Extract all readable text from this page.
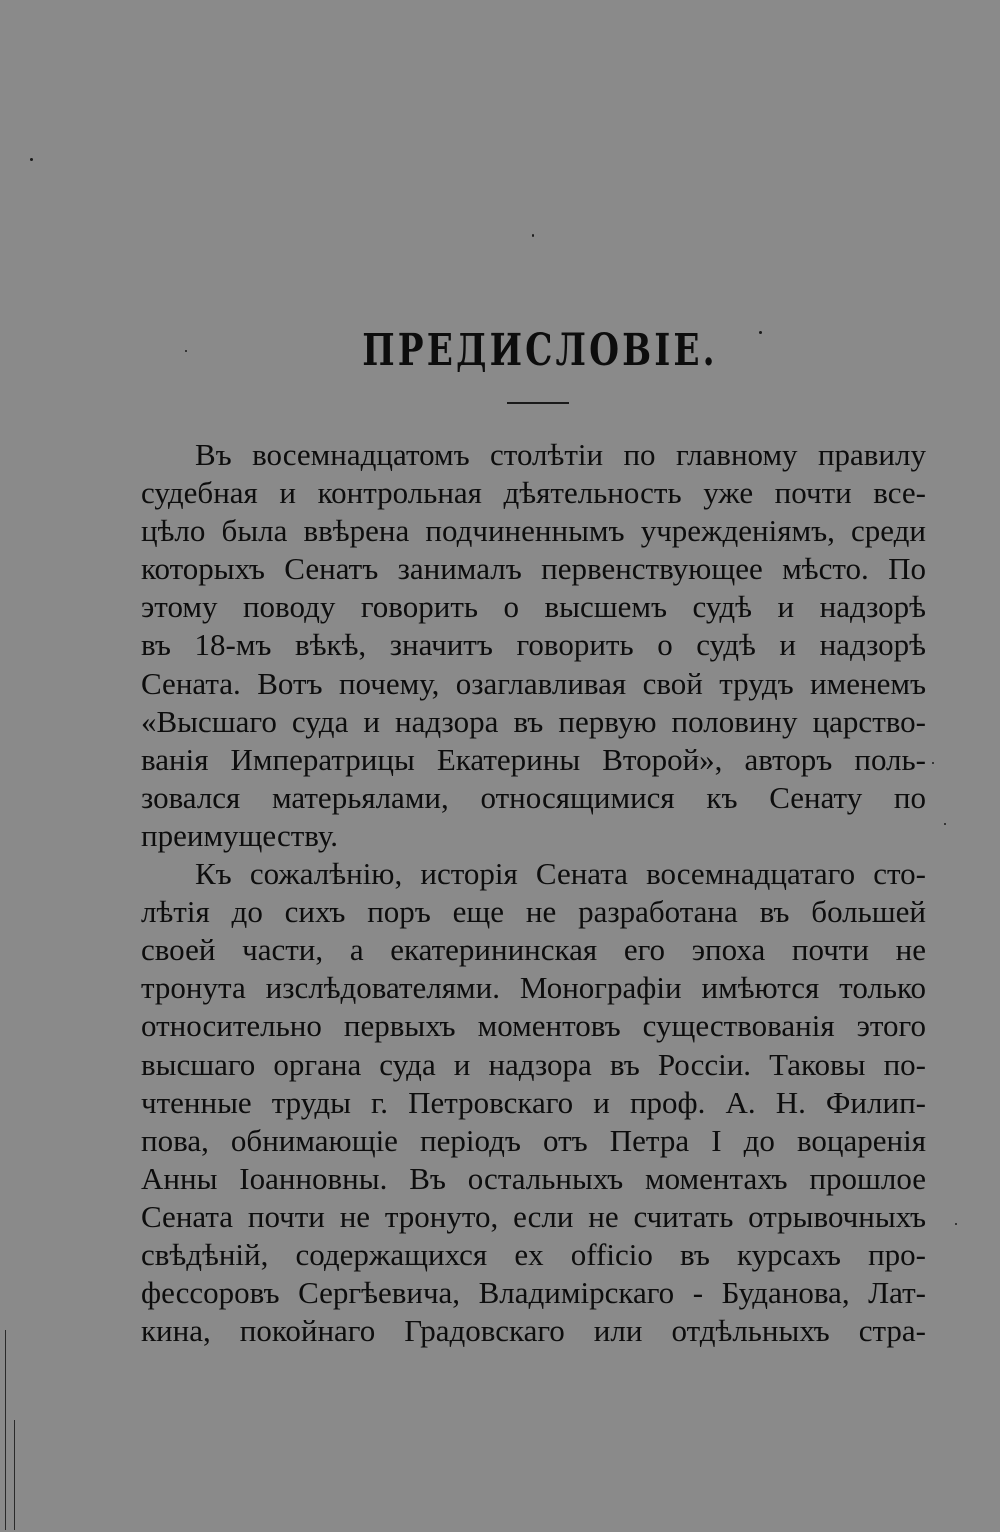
ПРЕДИСЛОВІЕ.
Въ восемнадцатомъ столѣтіи по главному правилу
судебная и контрольная дѣятельность уже почти все-
цѣло была ввѣрена подчиненнымъ учрежденіямъ, среди
которыхъ Сенатъ занималъ первенствующее мѣсто. По
этому поводу говорить о высшемъ судѣ и надзорѣ
въ 18-мъ вѣкѣ, значитъ говорить о судѣ и надзорѣ
Сената. Вотъ почему, озаглавливая свой трудъ именемъ
«Высшаго суда и надзора въ первую половину царство-
ванія Императрицы Екатерины Второй», авторъ поль-
зовался матерьялами, относящимися къ Сенату по
преимуществу.
Къ сожалѣнію, исторія Сената восемнадцатаго сто-
лѣтія до сихъ поръ еще не разработана въ большей
своей части, а екатерининская его эпоха почти не
тронута изслѣдователями. Монографіи имѣются только
относительно первыхъ моментовъ существованія этого
высшаго органа суда и надзора въ Россіи. Таковы по-
чтенные труды г. Петровскаго и проф. А. Н. Филип-
пова, обнимающіе періодъ отъ Петра I до воцаренія
Анны Іоанновны. Въ остальныхъ моментахъ прошлое
Сената почти не тронуто, если не считать отрывочныхъ
свѣдѣній, содержащихся ex officio въ курсахъ про-
фессоровъ Сергѣевича, Владимірскаго - Буданова, Лат-
кина, покойнаго Градовскаго или отдѣльныхъ стра-
